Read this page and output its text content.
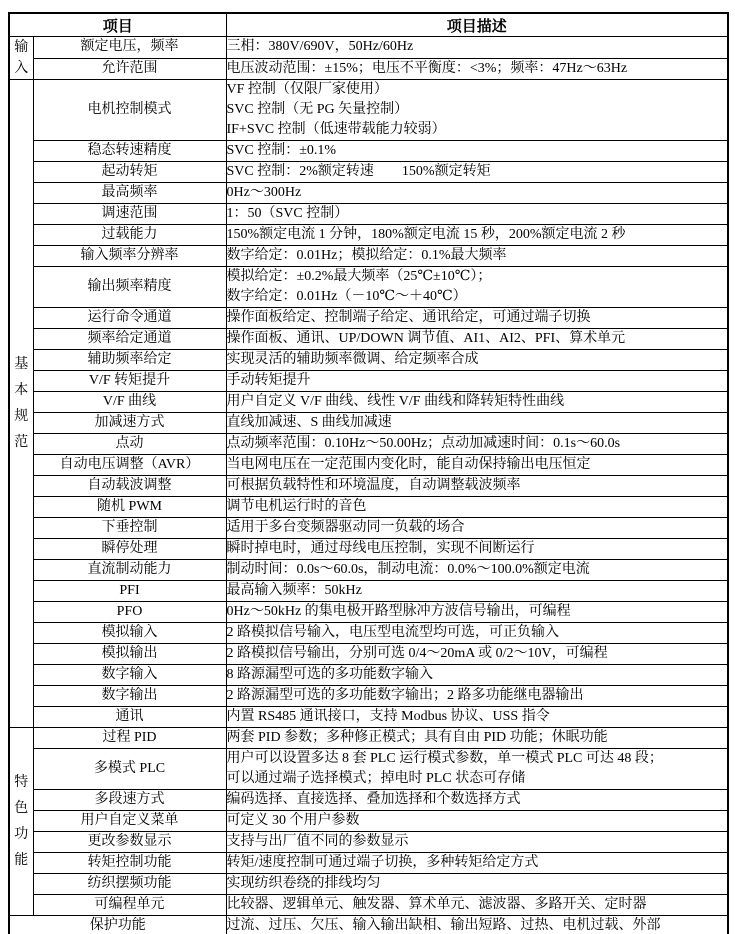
项目		项目描述
输入	额定电压，频率	三相：380V/690V，50Hz/60Hz

	允许范围	电压波动范围：±15%；电压不平衡度：<3%；频率：47Hz～63Hz

基本规范	电机控制模式	VF 控制（仅限厂家使用）
SVC 控制（无 PG 矢量控制）
IF+SVC 控制（低速带载能力较弱）

	稳态转速精度	SVC 控制：±0.1%

	起动转矩	SVC 控制：2%额定转速　　150%额定转矩

	最高频率	0Hz～300Hz

	调速范围	1：50（SVC 控制）

	过载能力	150%额定电流 1 分钟，180%额定电流 15 秒，200%额定电流 2 秒

	输入频率分辨率	数字给定：0.01Hz；模拟给定：0.1%最大频率

	输出频率精度	模拟给定：±0.2%最大频率（25℃±10℃）；
数字给定：0.01Hz（－10℃～＋40℃）

	运行命令通道	操作面板给定、控制端子给定、通讯给定，可通过端子切换

	频率给定通道	操作面板、通讯、UP/DOWN 调节值、AI1、AI2、PFI、算术单元

	辅助频率给定	实现灵活的辅助频率微调、给定频率合成

	V/F 转矩提升	手动转矩提升

	V/F 曲线	用户自定义 V/F 曲线、线性 V/F 曲线和降转矩特性曲线

	加减速方式	直线加减速、S 曲线加减速

	点动	点动频率范围：0.10Hz～50.00Hz；点动加减速时间：0.1s～60.0s

	自动电压调整（AVR）	当电网电压在一定范围内变化时，能自动保持输出电压恒定

	自动载波调整	可根据负载特性和环境温度，自动调整载波频率

	随机 PWM	调节电机运行时的音色

	下垂控制	适用于多台变频器驱动同一负载的场合

	瞬停处理	瞬时掉电时，通过母线电压控制，实现不间断运行

	直流制动能力	制动时间：0.0s～60.0s，制动电流：0.0%～100.0%额定电流

	PFI	最高输入频率：50kHz

	PFO	0Hz～50kHz 的集电极开路型脉冲方波信号输出，可编程

	模拟输入	2 路模拟信号输入，电压型电流型均可选，可正负输入

	模拟输出	2 路模拟信号输出，分别可选 0/4～20mA 或 0/2～10V，可编程

	数字输入	8 路源漏型可选的多功能数字输入

	数字输出	2 路源漏型可选的多功能数字输出；2 路多功能继电器输出

	通讯	内置 RS485 通讯接口，支持 Modbus 协议、USS 指令

特色功能	过程 PID	两套 PID 参数；多种修正模式；具有自由 PID 功能；休眠功能

	多模式 PLC	用户可以设置多达 8 套 PLC 运行模式参数，单一模式 PLC 可达 48 段；
可以通过端子选择模式；掉电时 PLC 状态可存储

	多段速方式	编码选择、直接选择、叠加选择和个数选择方式

	用户自定义菜单	可定义 30 个用户参数

	更改参数显示	支持与出厂值不同的参数显示

	转矩控制功能	转矩/速度控制可通过端子切换，多种转矩给定方式

	纺织摆频功能	实现纺织卷绕的排线均匀

	可编程单元	比较器、逻辑单元、触发器、算术单元、滤波器、多路开关、定时器

保护功能		过流、过压、欠压、输入输出缺相、输出短路、过热、电机过载、外部
